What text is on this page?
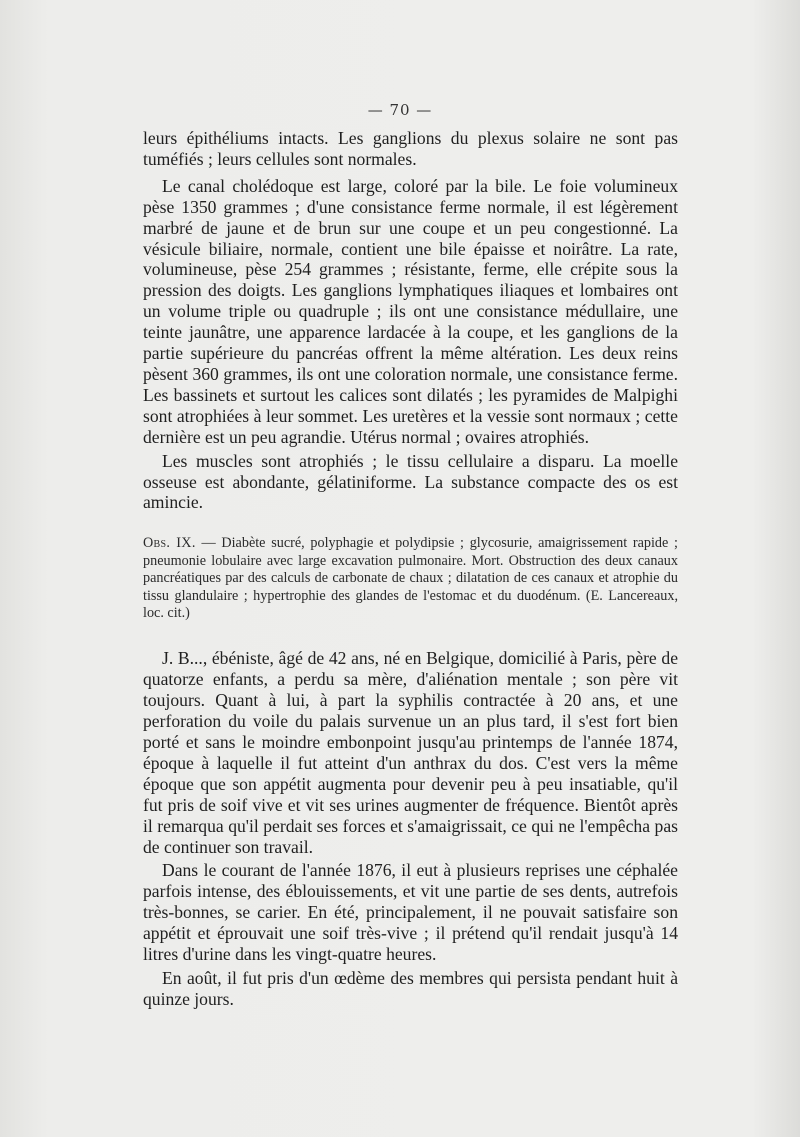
— 70 —

leurs épithéliums intacts. Les ganglions du plexus solaire ne sont pas tuméfiés ; leurs cellules sont normales.

Le canal cholédoque est large, coloré par la bile. Le foie volumineux pèse 1350 grammes ; d'une consistance ferme normale, il est légèrement marbré de jaune et de brun sur une coupe et un peu congestionné. La vésicule biliaire, normale, contient une bile épaisse et noirâtre. La rate, volumineuse, pèse 254 grammes ; résistante, ferme, elle crépite sous la pression des doigts. Les ganglions lymphatiques iliaques et lombaires ont un volume triple ou quadruple ; ils ont une consistance médullaire, une teinte jaunâtre, une apparence lardacée à la coupe, et les ganglions de la partie supérieure du pancréas offrent la même altération. Les deux reins pèsent 360 grammes, ils ont une coloration normale, une consistance ferme. Les bassinets et surtout les calices sont dilatés ; les pyramides de Malpighi sont atrophiées à leur sommet. Les uretères et la vessie sont normaux ; cette dernière est un peu agrandie. Utérus normal ; ovaires atrophiés.

Les muscles sont atrophiés ; le tissu cellulaire a disparu. La moelle osseuse est abondante, gélatiniforme. La substance compacte des os est amincie.

Obs. IX. — Diabète sucré, polyphagie et polydipsie ; glycosurie, amaigrissement rapide ; pneumonie lobulaire avec large excavation pulmonaire. Mort. Obstruction des deux canaux pancréatiques par des calculs de carbonate de chaux ; dilatation de ces canaux et atrophie du tissu glandulaire ; hypertrophie des glandes de l'estomac et du duodénum. (E. Lancereaux, loc. cit.)

J. B..., ébéniste, âgé de 42 ans, né en Belgique, domicilié à Paris, père de quatorze enfants, a perdu sa mère, d'aliénation mentale ; son père vit toujours. Quant à lui, à part la syphilis contractée à 20 ans, et une perforation du voile du palais survenue un an plus tard, il s'est fort bien porté et sans le moindre embonpoint jusqu'au printemps de l'année 1874, époque à laquelle il fut atteint d'un anthrax du dos. C'est vers la même époque que son appétit augmenta pour devenir peu à peu insatiable, qu'il fut pris de soif vive et vit ses urines augmenter de fréquence. Bientôt après il remarqua qu'il perdait ses forces et s'amaigrissait, ce qui ne l'empêcha pas de continuer son travail.

Dans le courant de l'année 1876, il eut à plusieurs reprises une céphalée parfois intense, des éblouissements, et vit une partie de ses dents, autrefois très-bonnes, se carier. En été, principalement, il ne pouvait satisfaire son appétit et éprouvait une soif très-vive ; il prétend qu'il rendait jusqu'à 14 litres d'urine dans les vingt-quatre heures.

En août, il fut pris d'un œdème des membres qui persista pendant huit à quinze jours.
